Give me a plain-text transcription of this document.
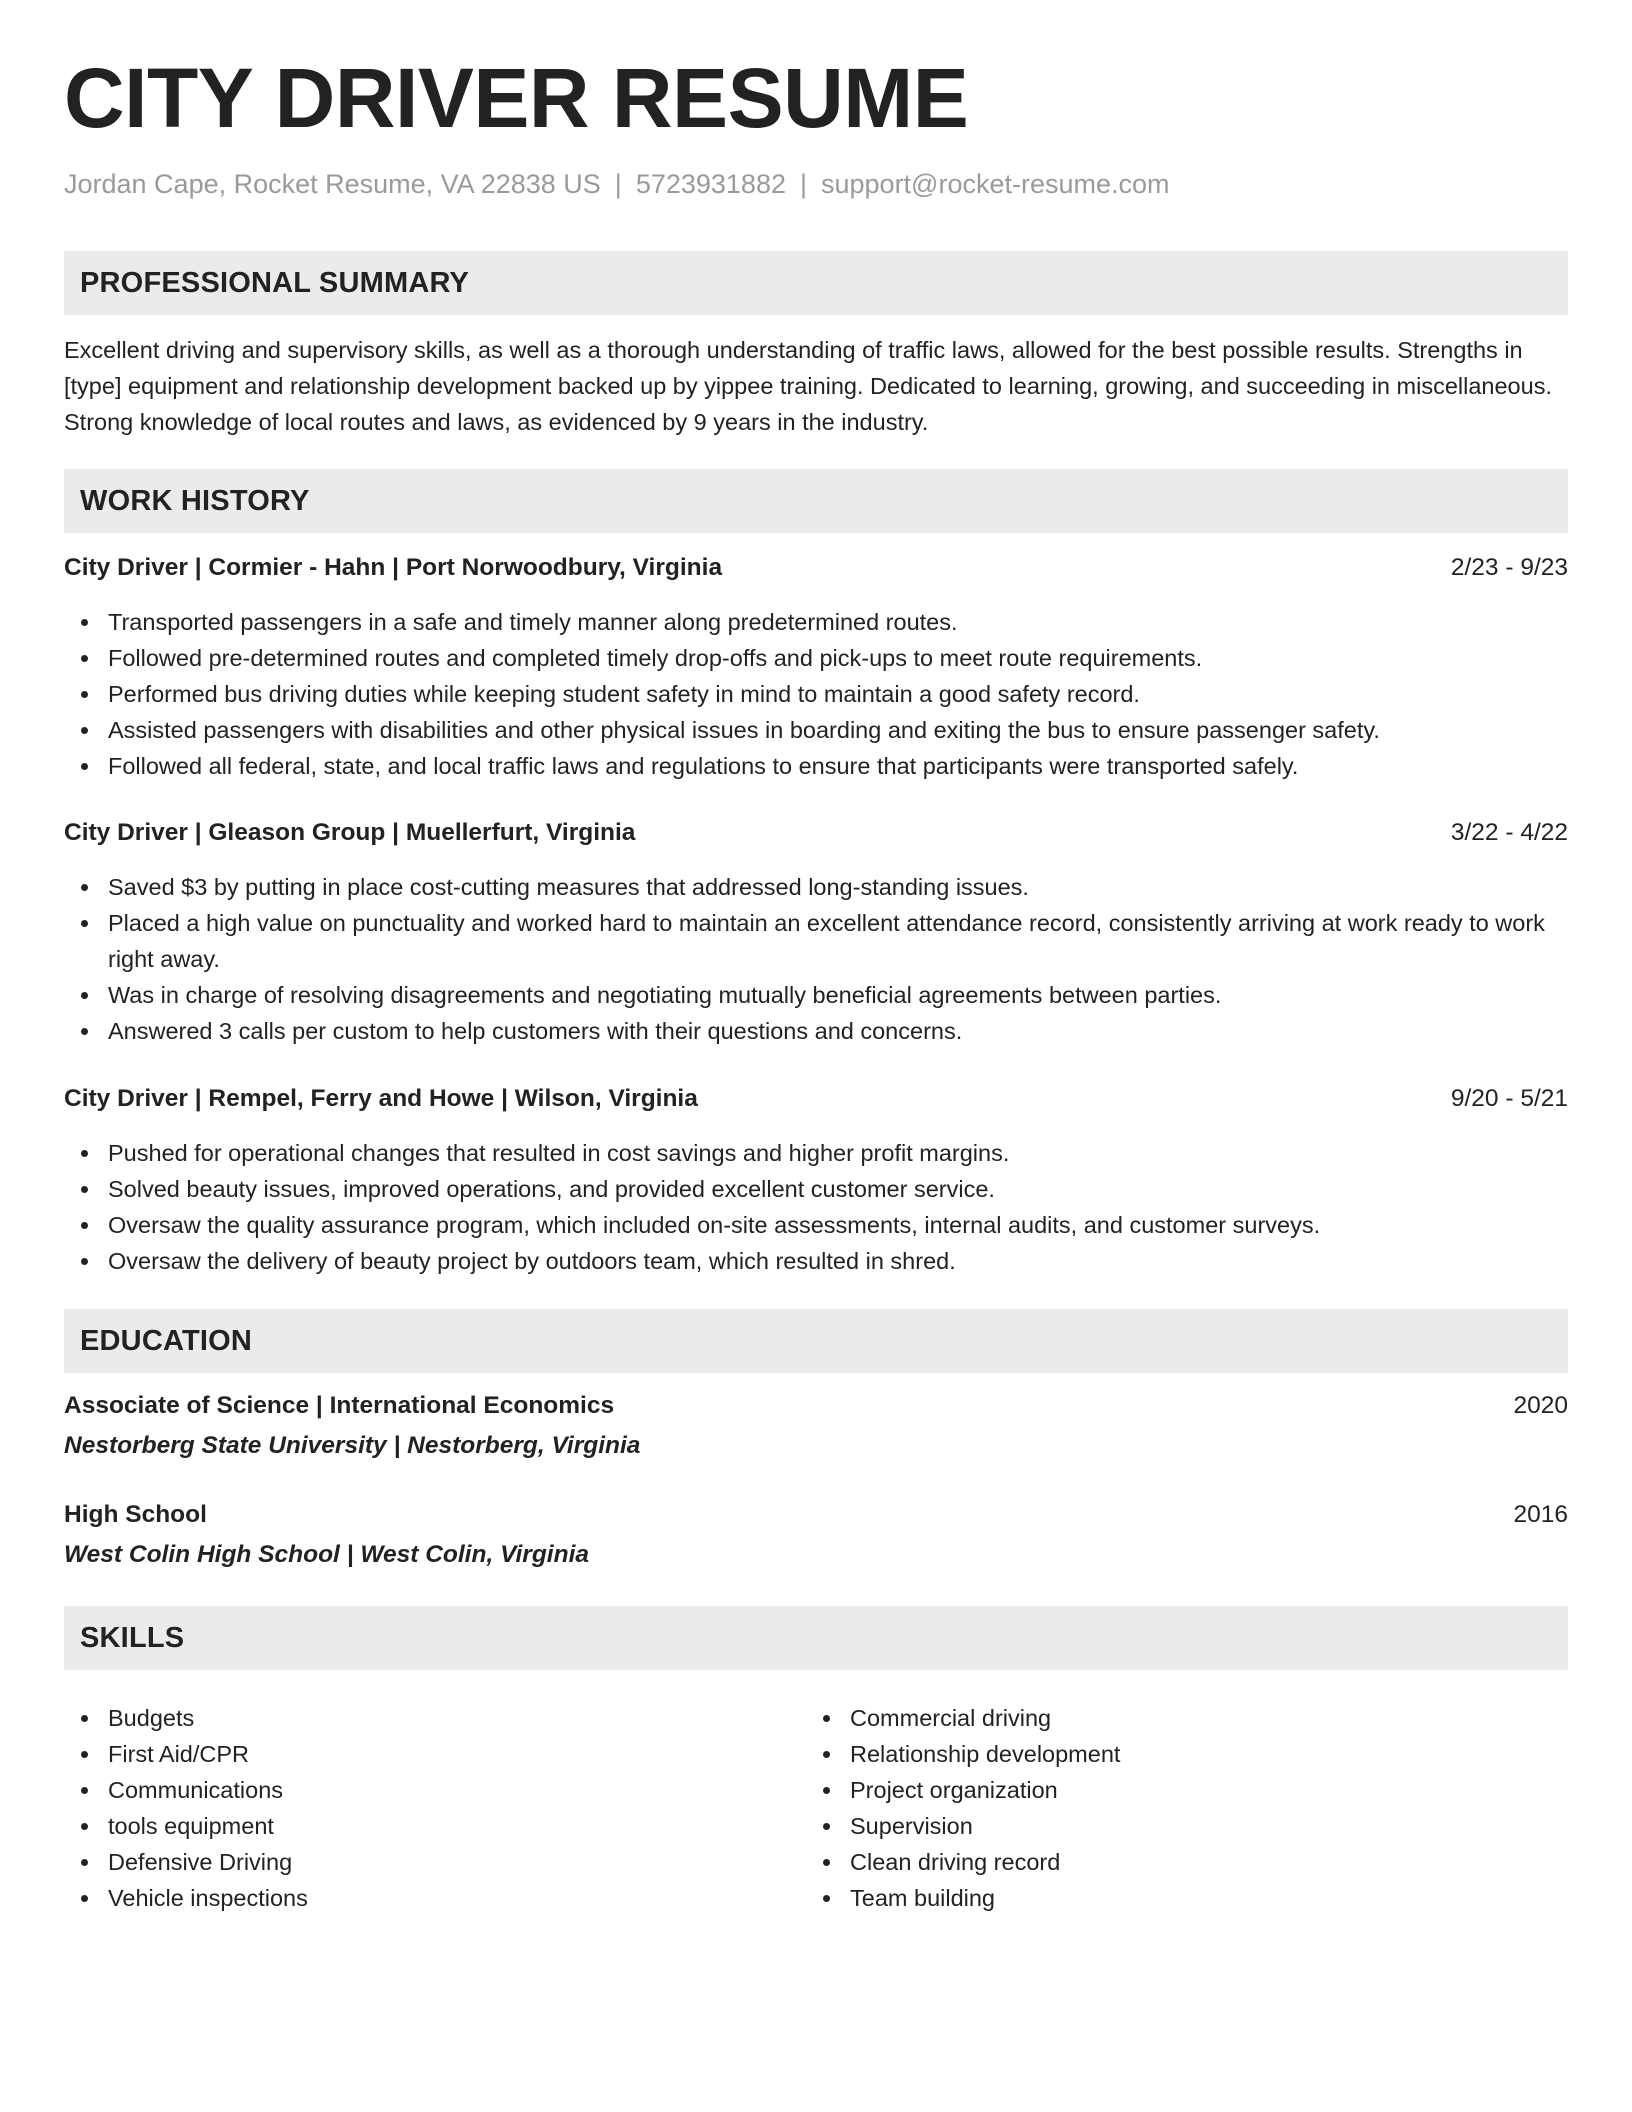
CITY DRIVER RESUME
Jordan Cape, Rocket Resume, VA 22838 US | 5723931882 | support@rocket-resume.com
PROFESSIONAL SUMMARY

Excellent driving and supervisory skills, as well as a thorough understanding of traffic laws, allowed for the best possible results. Strengths in [type] equipment and relationship development backed up by yippee training. Dedicated to learning, growing, and succeeding in miscellaneous. Strong knowledge of local routes and laws, as evidenced by 9 years in the industry.

WORK HISTORY
City Driver | Cormier - Hahn | Port Norwoodbury, Virginia	2/23 - 9/23
Transported passengers in a safe and timely manner along predetermined routes.
Followed pre-determined routes and completed timely drop-offs and pick-ups to meet route requirements.
Performed bus driving duties while keeping student safety in mind to maintain a good safety record.
Assisted passengers with disabilities and other physical issues in boarding and exiting the bus to ensure passenger safety.
Followed all federal, state, and local traffic laws and regulations to ensure that participants were transported safely.
City Driver | Gleason Group | Muellerfurt, Virginia	3/22 - 4/22
Saved $3 by putting in place cost-cutting measures that addressed long-standing issues.
Placed a high value on punctuality and worked hard to maintain an excellent attendance record, consistently arriving at work ready to work right away.
Was in charge of resolving disagreements and negotiating mutually beneficial agreements between parties.
Answered 3 calls per custom to help customers with their questions and concerns.
City Driver | Rempel, Ferry and Howe | Wilson, Virginia	9/20 - 5/21
Pushed for operational changes that resulted in cost savings and higher profit margins.
Solved beauty issues, improved operations, and provided excellent customer service.
Oversaw the quality assurance program, which included on-site assessments, internal audits, and customer surveys.
Oversaw the delivery of beauty project by outdoors team, which resulted in shred.
EDUCATION
Associate of Science | International Economics	2020
Nestorberg State University | Nestorberg, Virginia
High School	2016
West Colin High School | West Colin, Virginia
SKILLS
Budgets
First Aid/CPR
Communications
tools equipment
Defensive Driving
Vehicle inspections
Commercial driving
Relationship development
Project organization
Supervision
Clean driving record
Team building
